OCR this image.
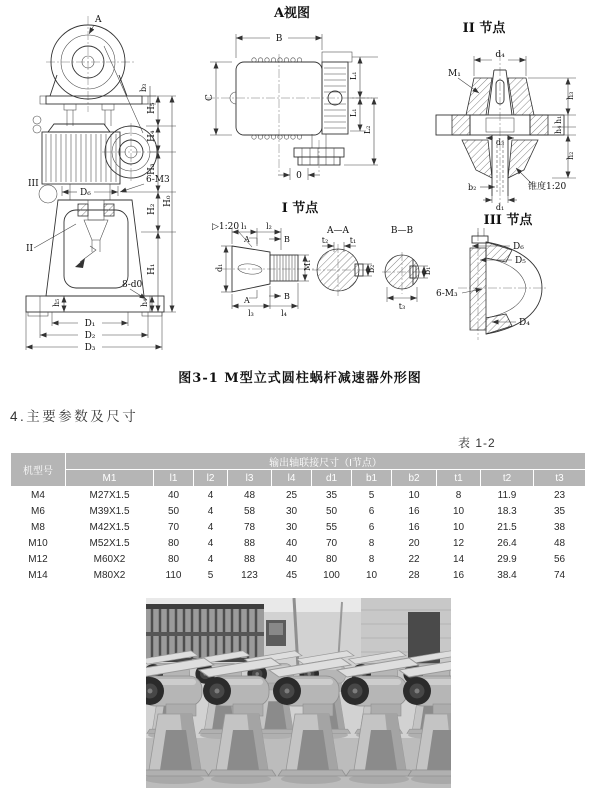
A
II
III
D₆
6-M3
8-d0
b₃
H₅
H₄
H₃
H₂
H₁
H₀
h₅	h₄
D₁
D₂
D₃
A视图
B
C
L₁
L₁
L₂
0
II 节点
d₄
M₁
d₃
b₂
d₁
锥度1:20
h₃
h₁
h₄
h₂
I 节点
▷1:20
d₁	M₁
l₁ l₂
l₃	l₄
A
A
B
B
A—A
t₂	t₁
b₂
B—B
b₁
t₃
III 节点
D₆
D₅
6-M₃
D₄
图3-1 M型立式圆柱蜗杆减速器外形图
4.主要参数及尺寸
表 1-2
机型号	输出轴联接尺寸（I节点）										
	M1	l1	l2	l3	l4	d1	b1	b2	t1	t2	t3
M4	M27X1.5	40	4	48	25	35	5	10	8	11.9	23
M6	M39X1.5	50	4	58	30	50	6	16	10	18.3	35
M8	M42X1.5	70	4	78	30	55	6	16	10	21.5	38
M10	M52X1.5	80	4	88	40	70	8	20	12	26.4	48
M12	M60X2	80	4	88	40	80	8	22	14	29.9	56
M14	M80X2	110	5	123	45	100	10	28	16	38.4	74
